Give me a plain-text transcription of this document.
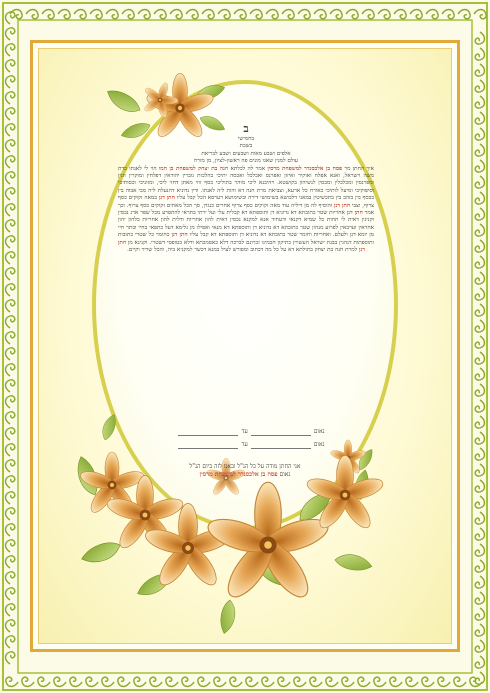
ב

בחמישי

בשבת

אלפים ושבע מאות ושבעים ושבע לבריאת

עולם למנין שאנו מונים פה ראשון-לציון, מן מזרח

איך החתן מר פסח בן אלכסנדר למשפחת מרסין אמר לה לכלתא חנה בת יצחק למשפחת בן חמו הוי לי לאנתו כדת משה וישראל, ואנא אפלח ואוקיר ואיזון ואפרנס ואכלכל ואכסה יתיכי כהלכות גוברין יהודאין דפלחין ומוקרין וזנין ומפרנסין ומכלכלין ומכסין לנשיהון בקושטא. ויהיבנא ליכי מוהר בתוליכי כסף זוזי מאתן דחזי ליכי, ומזוניכי וכסותיכי וסיפוקיכי ומיעל לותיכי כאורח כל ארעא, וצביאת מרת חנה דא והות ליה לאנתו. ודין נדוניא דהנעלת ליה מבי אבוה בין בכסף בין בזהב בין בתכשיטין במאני דלבושא בשימושי דירה ובשימושא דערסא הכל קבל עליו חתן דנן במאה זקוקים כסף צרוף, וצבי חתן דנן והוסיף לה מן דיליה עוד מאה זקוקים כסף צרוף אחרים כנגדן, סך הכל מאתים זקוקים כסף צרוף. וכך אמר חתן דנן אחריות שטר כתובתא דא נדוניא דן ותוספתא דא קבלית עלי ועל ירתי בתראי להתפרע מכל שפר ארג נכסין וקנינין דאית לי תחות כל שמיא דקנאי ודעתיד אנא למקנא נכסין דאית להון אחריות ודלית להון אחריות כלהון יהון אחראין וערבאין לפרוע מנהון שטר כתובתא דא נדוניא דן ותוספתא דא מנאי ואפילו מן גלימא דעל כתפאי בחיי ובתר חיי מן יומא דנן ולעלם. ואחריות וחומר שטר כתובתא דא נדוניא דן ותוספתא דא קבל עליו חתן דנן כחומר כל שטרי כתובות ותוספתות דנהגין בבנת ישראל העשויין כתיקון חכמינו זכרונם לברכה דלא כאסמכתא ודלא כטופסי דשטרי. וקנינא מן חתן דנן למרת חנה בת יצחק בתולתא דא על כל מה דכתוב ומפורש לעיל במנא דכשר למקניא ביה, והכל שריר וקיים.

נאוםעד
נאוםעד
אני החתן מודה על כל הנ"ל ובאנו לזה ביום הנ"ל
נאום פסח בן אלכסנדר למשפחת מרסין
